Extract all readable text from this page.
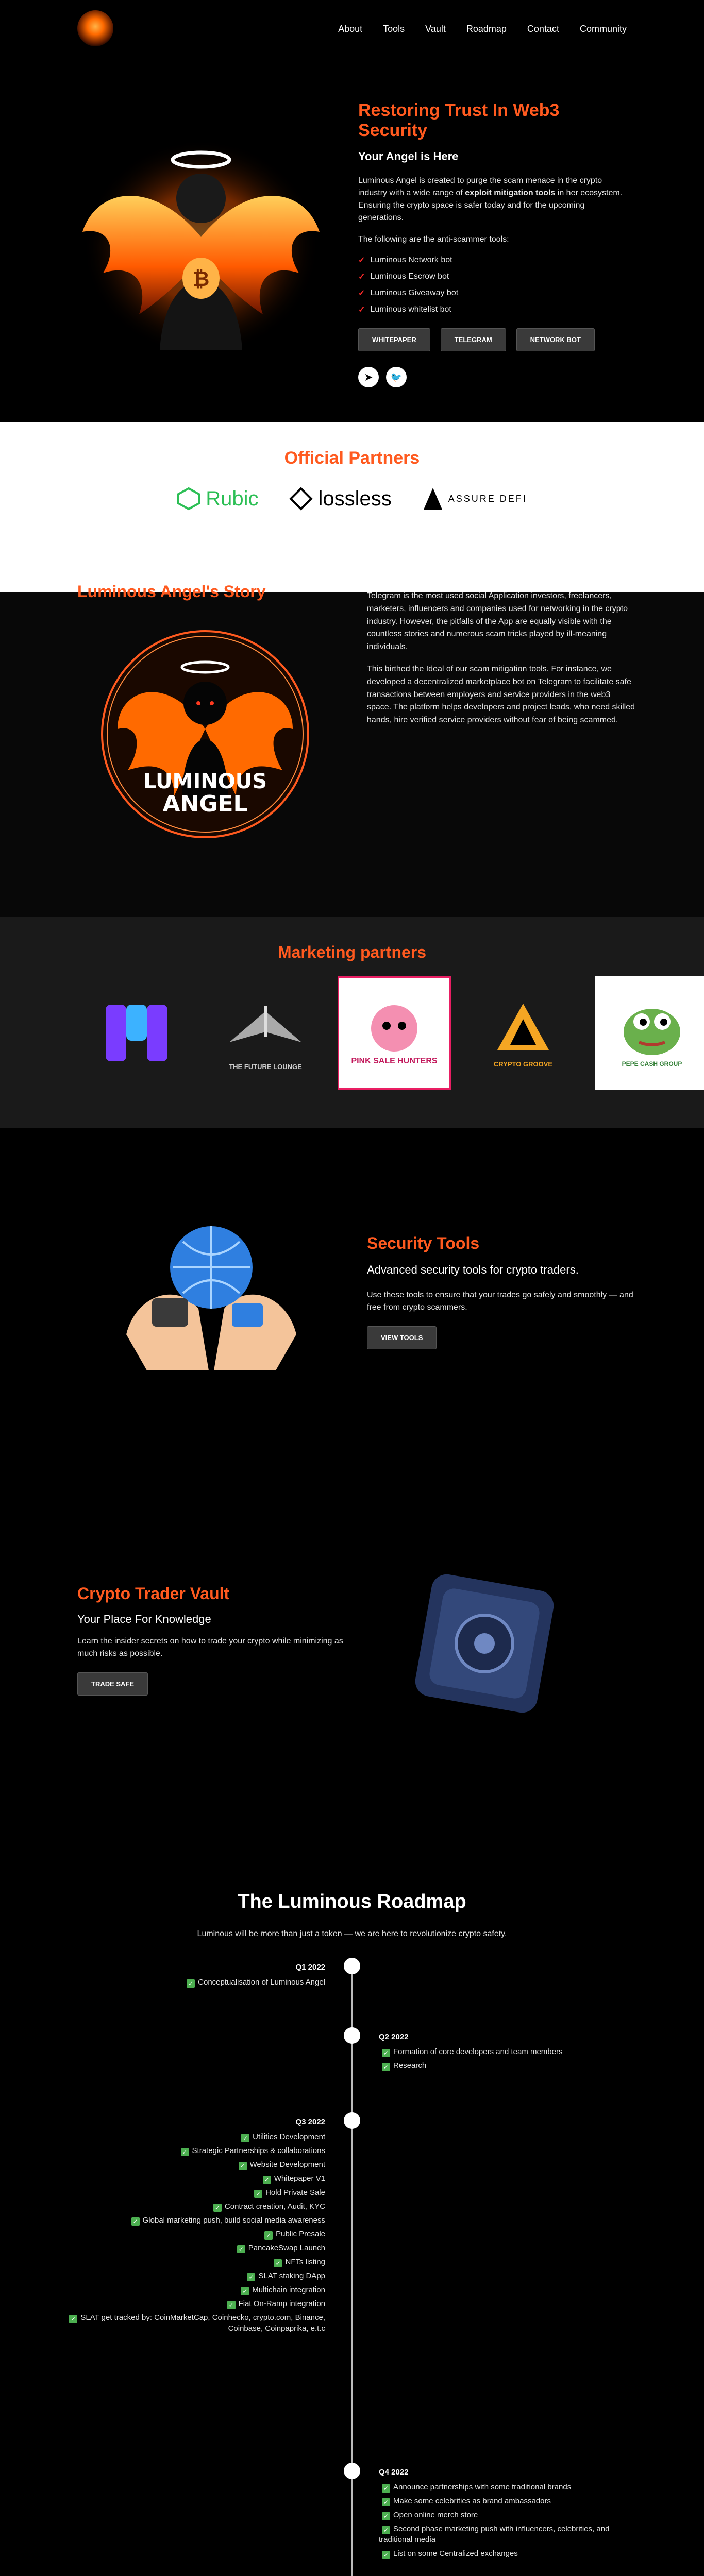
About Tools Vault Roadmap Contact Community
₿
Restoring Trust In Web3 Security
Your Angel is Here

Luminous Angel is created to purge the scam menace in the crypto industry with a wide range of exploit mitigation tools in her ecosystem. Ensuring the crypto space is safer today and for the upcoming generations.

The following are the anti-scammer tools:

✓ Luminous Network bot
✓ Luminous Escrow bot
✓ Luminous Giveaway bot
✓ Luminous whitelist bot
WHITEPAPER	TELEGRAM	NETWORK BOT
➤	🐦
Official Partners
Rubic	lossless	ASSURE DEFI
Luminous Angel's Story
LUMINOUS
ANGEL

Telegram is the most used social Application investors, freelancers, marketers, influencers and companies used for networking in the crypto industry. However, the pitfalls of the App are equally visible with the countless stories and numerous scam tricks played by ill-meaning individuals.

This birthed the Ideal of our scam mitigation tools. For instance, we developed a decentralized marketplace bot on Telegram to facilitate safe transactions between employers and service providers in the web3 space. The platform helps developers and project leads, who need skilled hands, hire verified service providers without fear of being scammed.

Marketing partners
THE FUTURE LOUNGE
PINK SALE HUNTERS	CRYPTO GROOVE	PEPE CASH GROUP
Security Tools
Advanced security tools for crypto traders.

Use these tools to ensure that your trades go safely and smoothly — and free from crypto scammers.

VIEW TOOLS
Crypto Trader Vault
Your Place For Knowledge

Learn the insider secrets on how to trade your crypto while minimizing as much risks as possible.

TRADE SAFE
The Luminous Roadmap
Luminous will be more than just a token — we are here to revolutionize crypto safety.
Q1 2022
✓ Conceptualisation of Luminous Angel
Q2 2022
✓ Formation of core developers and team members
✓ Research
Q3 2022
✓ Utilities Development
✓ Strategic Partnerships & collaborations
✓ Website Development
✓ Whitepaper V1
✓ Hold Private Sale
✓ Contract creation, Audit, KYC
✓ Global marketing push, build social media awareness
✓ Public Presale
✓ PancakeSwap Launch
✓ NFTs listing
✓ SLAT staking DApp
✓ Multichain integration
✓ Fiat On-Ramp integration
✓ SLAT get tracked by: CoinMarketCap, Coinhecko, crypto.com, Binance, Coinbase, Coinpaprika, e.t.c
Q4 2022
✓ Announce partnerships with some traditional brands
✓ Make some celebrities as brand ambassadors
✓ Open online merch store
✓ Second phase marketing push with influencers, celebrities, and traditional media
✓ List on some Centralized exchanges
